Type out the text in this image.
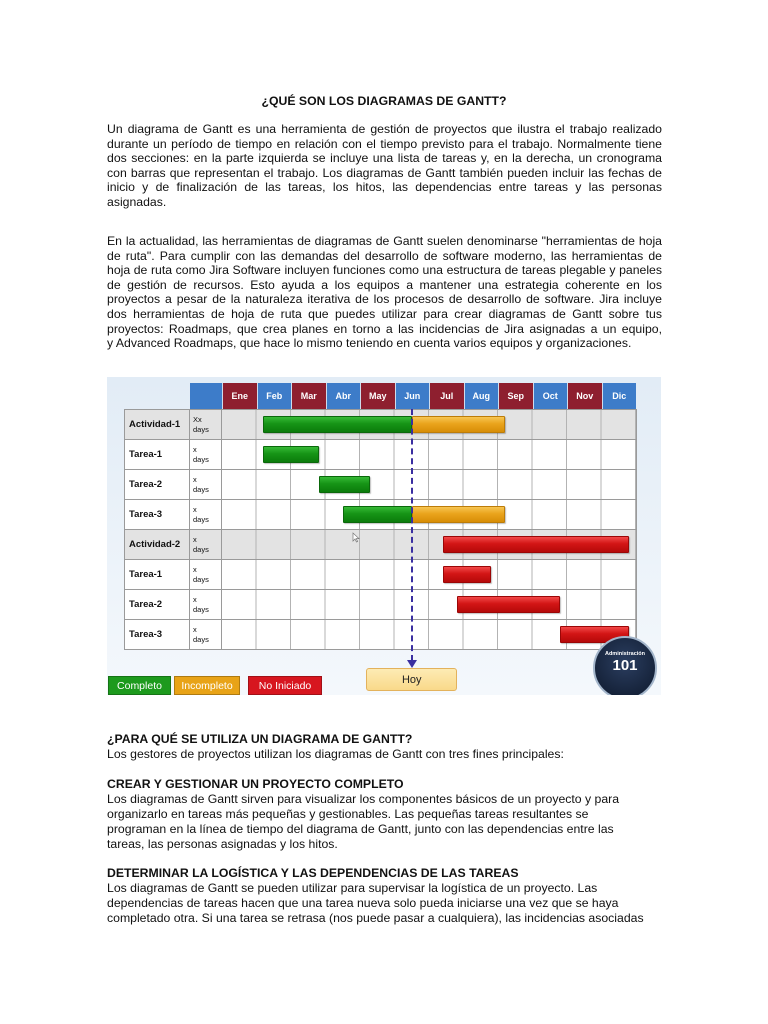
¿QUÉ SON LOS DIAGRAMAS DE GANTT?
Un diagrama de Gantt es una herramienta de gestión de proyectos que ilustra el trabajo realizado
durante un período de tiempo en relación con el tiempo previsto para el trabajo. Normalmente tiene
dos secciones: en la parte izquierda se incluye una lista de tareas y, en la derecha, un cronograma
con barras que representan el trabajo. Los diagramas de Gantt también pueden incluir las fechas de
inicio y de finalización de las tareas, los hitos, las dependencias entre tareas y las personas
asignadas.
En la actualidad, las herramientas de diagramas de Gantt suelen denominarse "herramientas de hoja
de ruta". Para cumplir con las demandas del desarrollo de software moderno, las herramientas de
hoja de ruta como Jira Software incluyen funciones como una estructura de tareas plegable y paneles
de gestión de recursos. Esto ayuda a los equipos a mantener una estrategia coherente en los
proyectos a pesar de la naturaleza iterativa de los procesos de desarrollo de software. Jira incluye
dos herramientas de hoja de ruta que puedes utilizar para crear diagramas de Gantt sobre tus
proyectos: Roadmaps, que crea planes en torno a las incidencias de Jira asignadas a un equipo,
y Advanced Roadmaps, que hace lo mismo teniendo en cuenta varios equipos y organizaciones.
Ene	Feb	Mar	Abr	May	Jun	Jul	Aug	Sep	Oct	Nov	Dic
Actividad-1	Xx
days
Tarea-1	x
days
Tarea-2	x
days
Tarea-3	x
days
Actividad-2	x
days
Tarea-1	x
days
Tarea-2	x
days
Tarea-3	x
days
Hoy
Completo	Incompleto	No Iniciado
Administración
101
¿PARA QUÉ SE UTILIZA UN DIAGRAMA DE GANTT?
Los gestores de proyectos utilizan los diagramas de Gantt con tres fines principales:
CREAR Y GESTIONAR UN PROYECTO COMPLETO
Los diagramas de Gantt sirven para visualizar los componentes básicos de un proyecto y para
organizarlo en tareas más pequeñas y gestionables. Las pequeñas tareas resultantes se
programan en la línea de tiempo del diagrama de Gantt, junto con las dependencias entre las
tareas, las personas asignadas y los hitos.
DETERMINAR LA LOGÍSTICA Y LAS DEPENDENCIAS DE LAS TAREAS
Los diagramas de Gantt se pueden utilizar para supervisar la logística de un proyecto. Las
dependencias de tareas hacen que una tarea nueva solo pueda iniciarse una vez que se haya
completado otra. Si una tarea se retrasa (nos puede pasar a cualquiera), las incidencias asociadas
